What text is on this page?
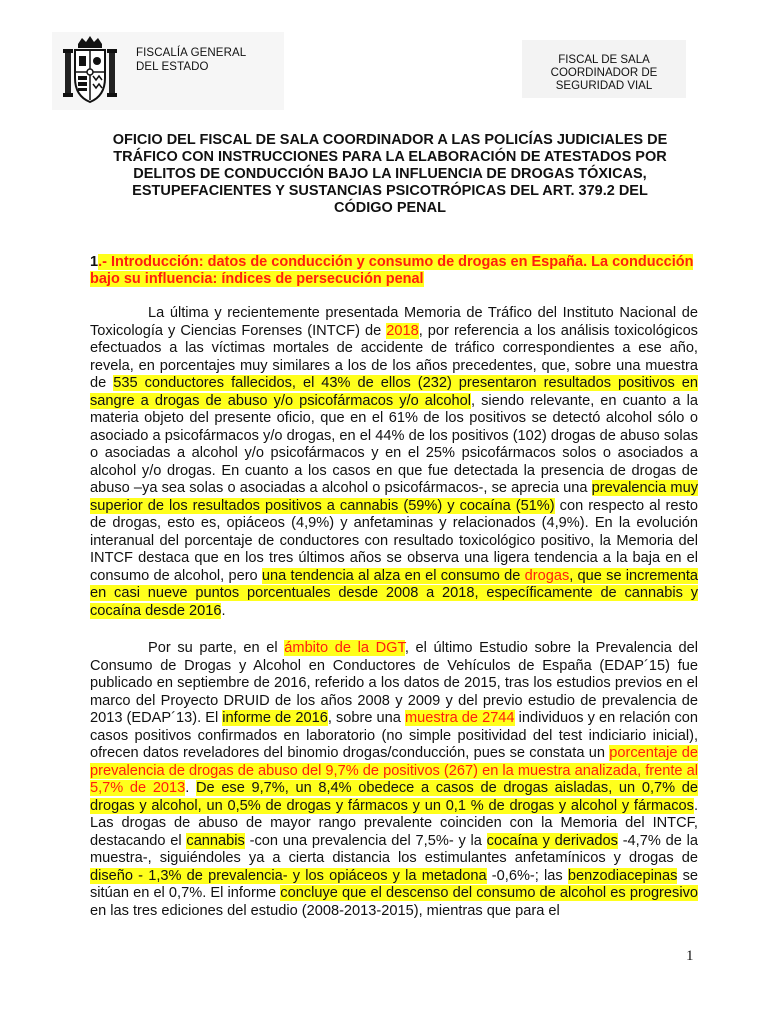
FISCALÍA GENERAL
DEL ESTADO
FISCAL DE SALA
COORDINADOR DE
SEGURIDAD VIAL
OFICIO DEL FISCAL DE SALA COORDINADOR A LAS POLICÍAS JUDICIALES DE
TRÁFICO CON INSTRUCCIONES PARA LA ELABORACIÓN DE ATESTADOS POR
DELITOS DE CONDUCCIÓN BAJO LA INFLUENCIA DE DROGAS TÓXICAS,
ESTUPEFACIENTES Y SUSTANCIAS PSICOTRÓPICAS DEL ART. 379.2 DEL
CÓDIGO PENAL
1.- Introducción: datos de conducción y consumo de drogas en España. La conducción bajo su influencia: índices de persecución penal

La última y recientemente presentada Memoria de Tráfico del Instituto Nacional de Toxicología y Ciencias Forenses (INTCF) de 2018, por referencia a los análisis toxicológicos efectuados a las víctimas mortales de accidente de tráfico correspondientes a ese año, revela, en porcentajes muy similares a los de los años precedentes, que, sobre una muestra de 535 conductores fallecidos, el 43% de ellos (232) presentaron resultados positivos en sangre a drogas de abuso y/o psicofármacos y/o alcohol, siendo relevante, en cuanto a la materia objeto del presente oficio, que en el 61% de los positivos se detectó alcohol sólo o asociado a psicofármacos y/o drogas, en el 44% de los positivos (102) drogas de abuso solas o asociadas a alcohol y/o psicofármacos y en el 25% psicofármacos solos o asociados a alcohol y/o drogas. En cuanto a los casos en que fue detectada la presencia de drogas de abuso –ya sea solas o asociadas a alcohol o psicofármacos-, se aprecia una prevalencia muy superior de los resultados positivos a cannabis (59%) y cocaína (51%) con respecto al resto de drogas, esto es, opiáceos (4,9%) y anfetaminas y relacionados (4,9%). En la evolución interanual del porcentaje de conductores con resultado toxicológico positivo, la Memoria del INTCF destaca que en los tres últimos años se observa una ligera tendencia a la baja en el consumo de alcohol, pero una tendencia al alza en el consumo de drogas, que se incrementa en casi nueve puntos porcentuales desde 2008 a 2018, específicamente de cannabis y cocaína desde 2016.

Por su parte, en el ámbito de la DGT, el último Estudio sobre la Prevalencia del Consumo de Drogas y Alcohol en Conductores de Vehículos de España (EDAP´15) fue publicado en septiembre de 2016, referido a los datos de 2015, tras los estudios previos en el marco del Proyecto DRUID de los años 2008 y 2009 y del previo estudio de prevalencia de 2013 (EDAP´13). El informe de 2016, sobre una muestra de 2744 individuos y en relación con casos positivos confirmados en laboratorio (no simple positividad del test indiciario inicial), ofrecen datos reveladores del binomio drogas/conducción, pues se constata un porcentaje de prevalencia de drogas de abuso del 9,7% de positivos (267) en la muestra analizada, frente al 5,7% de 2013. De ese 9,7%, un 8,4% obedece a casos de drogas aisladas, un 0,7% de drogas y alcohol, un 0,5% de drogas y fármacos y un 0,1 % de drogas y alcohol y fármacos. Las drogas de abuso de mayor rango prevalente coinciden con la Memoria del INTCF, destacando el cannabis -con una prevalencia del 7,5%- y la cocaína y derivados -4,7% de la muestra-, siguiéndoles ya a cierta distancia los estimulantes anfetamínicos y drogas de diseño - 1,3% de prevalencia- y los opiáceos y la metadona -0,6%-; las benzodiacepinas se sitúan en el 0,7%. El informe concluye que el descenso del consumo de alcohol es progresivo en las tres ediciones del estudio (2008-2013-2015), mientras que para el

1
